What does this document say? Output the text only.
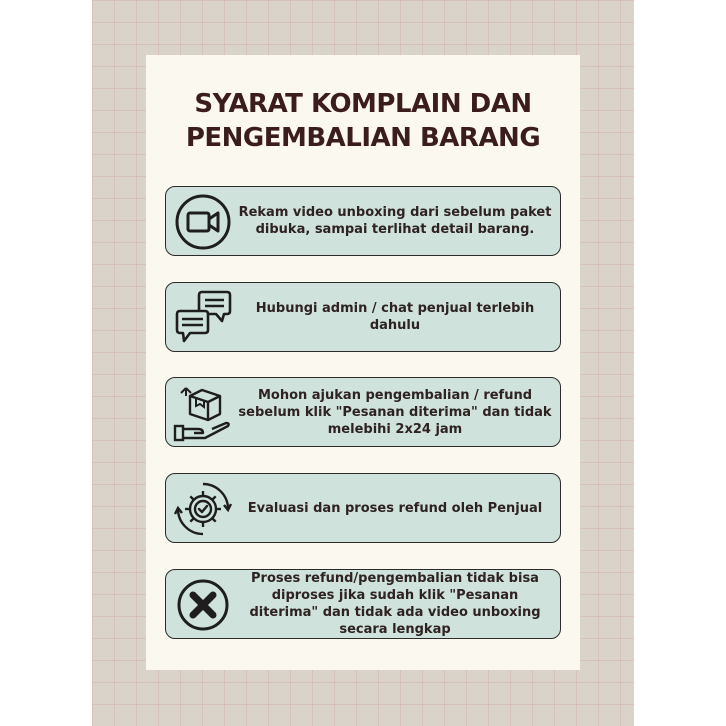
SYARAT KOMPLAIN DAN
PENGEMBALIAN BARANG
Rekam video unboxing dari sebelum paket dibuka, sampai terlihat detail barang.
Hubungi admin / chat penjual terlebih dahulu
Mohon ajukan pengembalian / refund sebelum klik "Pesanan diterima" dan tidak melebihi 2x24 jam
Evaluasi dan proses refund oleh Penjual
Proses refund/pengembalian tidak bisa diproses jika sudah klik "Pesanan diterima" dan tidak ada video unboxing secara lengkap
